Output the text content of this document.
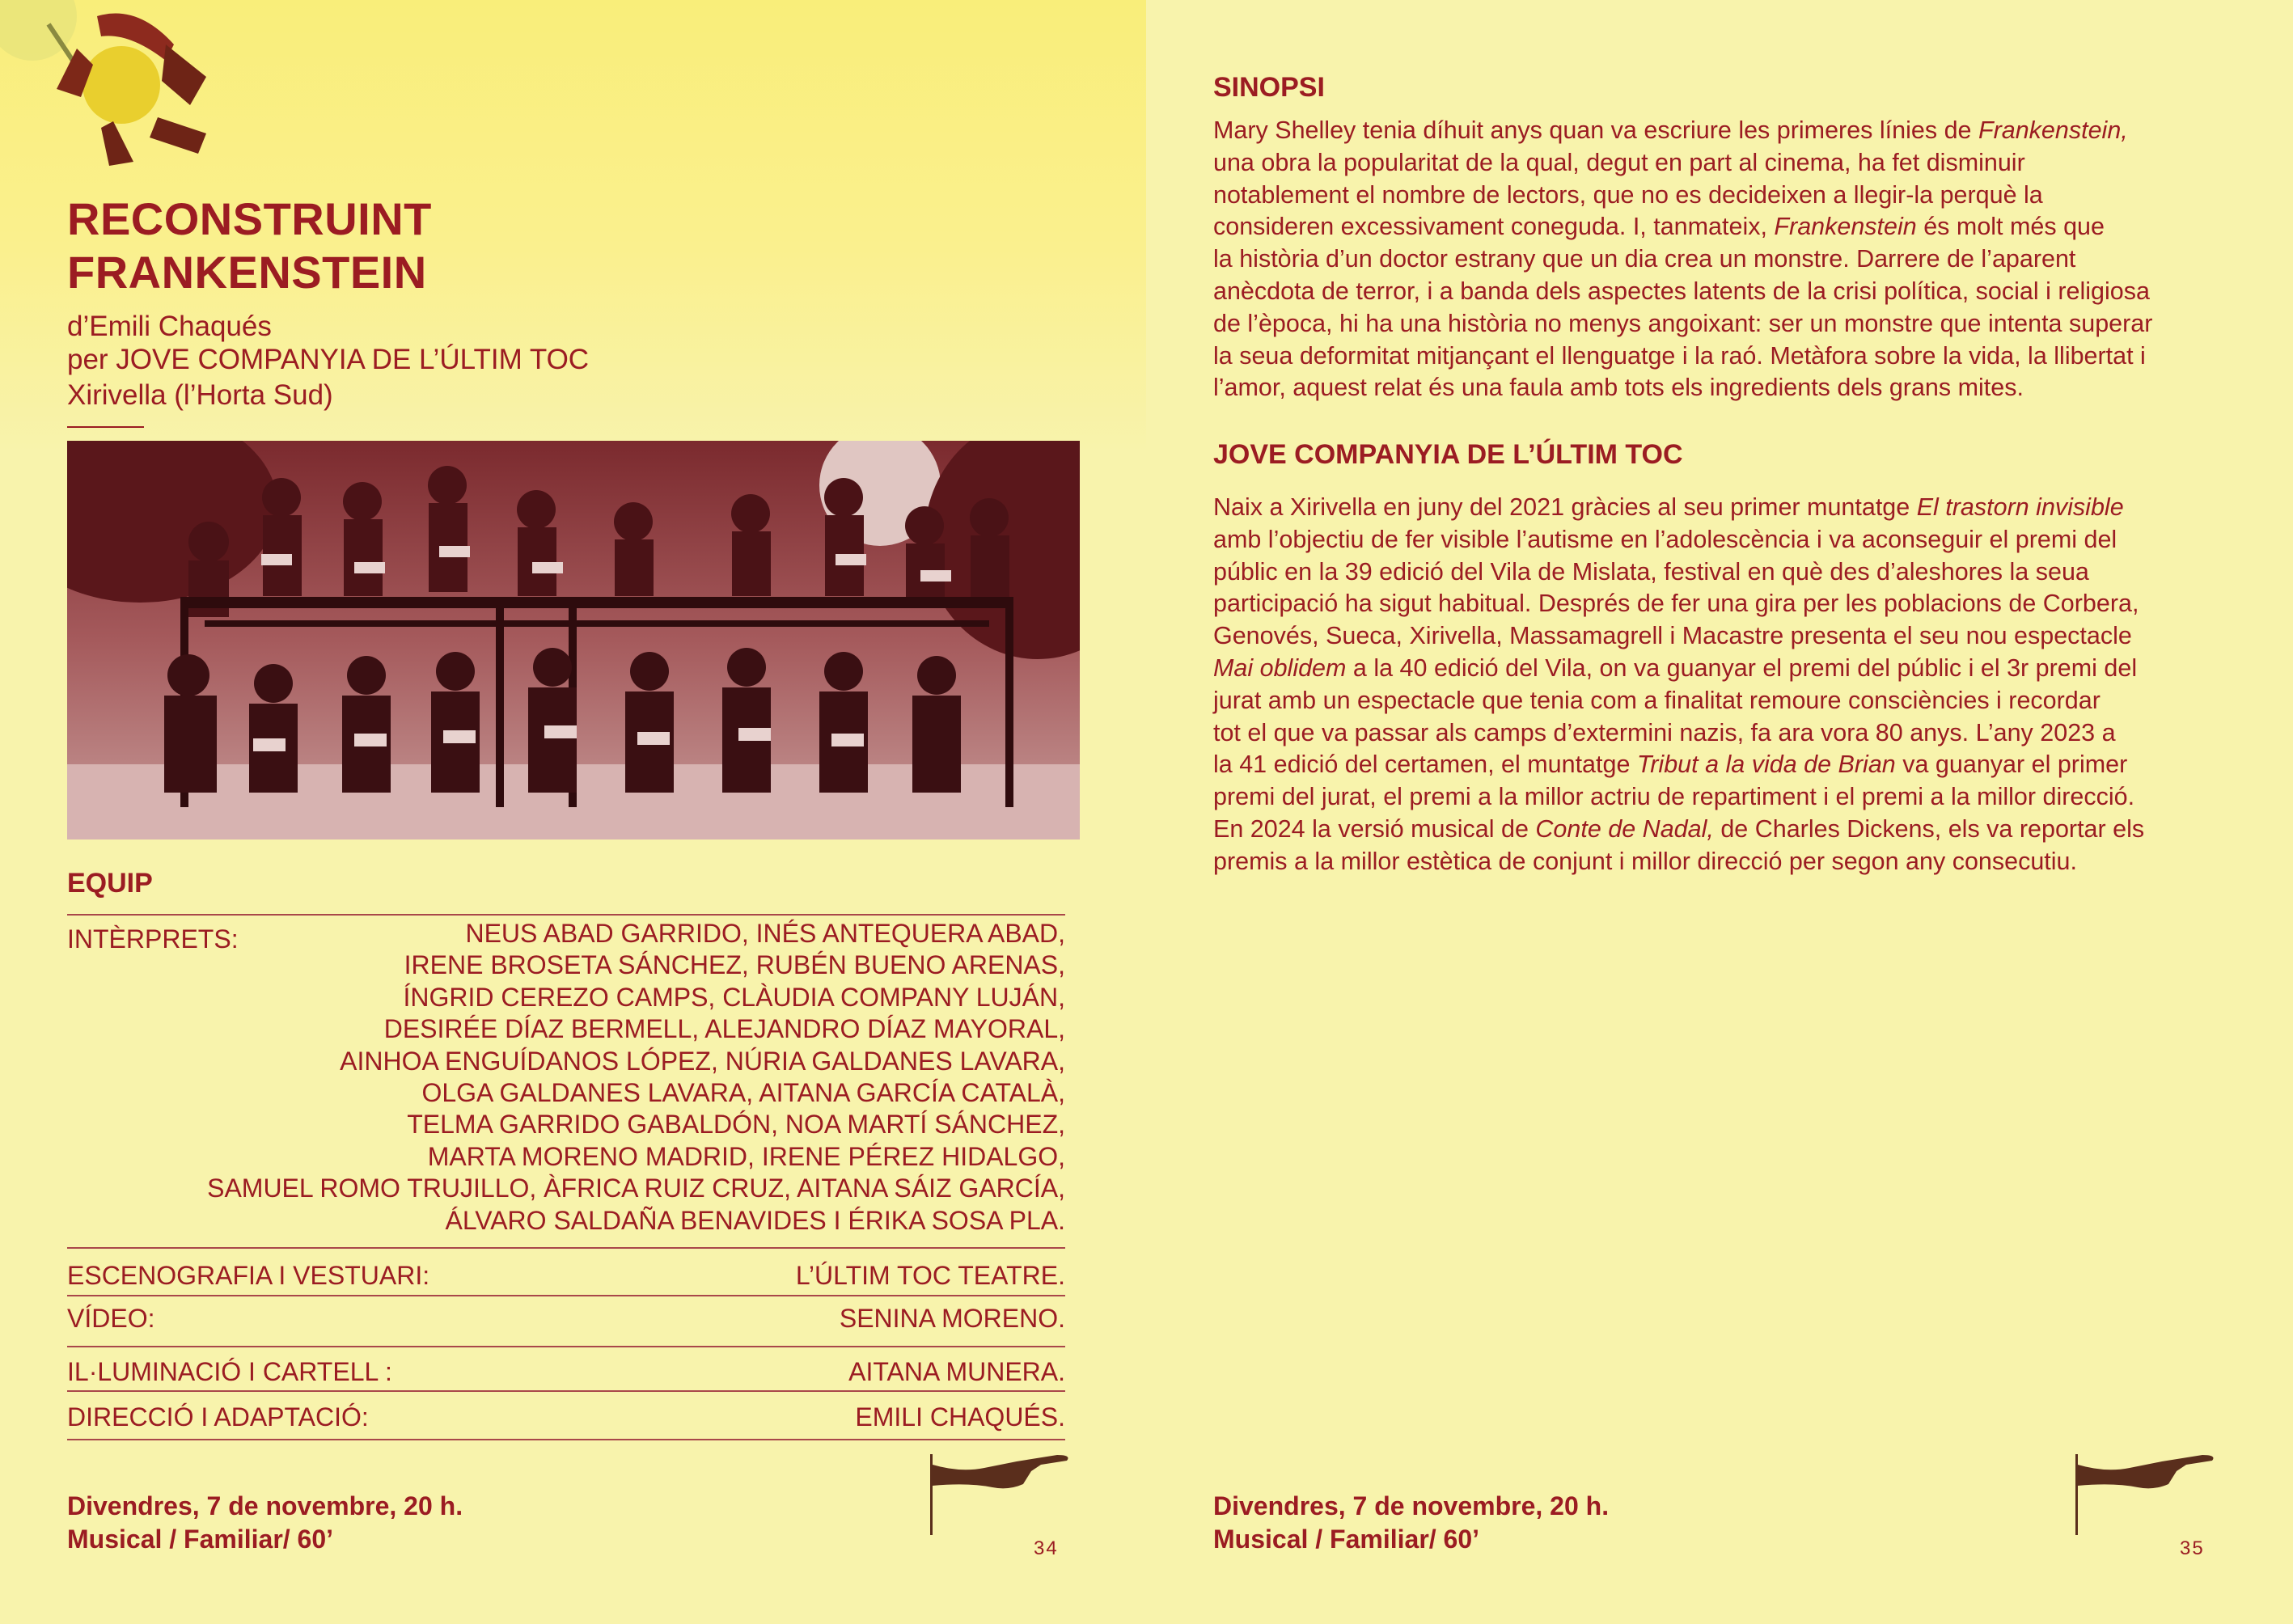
RECONSTRUINT
FRANKENSTEIN
d’Emili Chaqués
per JOVE COMPANYIA DE L’ÚLTIM TOC
Xirivella (l’Horta Sud)
EQUIP
INTÈRPRETS:	NEUS ABAD GARRIDO, INÉS ANTEQUERA ABAD,
IRENE BROSETA SÁNCHEZ, RUBÉN BUENO ARENAS,
ÍNGRID CEREZO CAMPS, CLÀUDIA COMPANY LUJÁN,
DESIRÉE DÍAZ BERMELL, ALEJANDRO DÍAZ MAYORAL,
AINHOA ENGUÍDANOS LÓPEZ, NÚRIA GALDANES LAVARA,
OLGA GALDANES LAVARA, AITANA GARCÍA CATALÀ,
TELMA GARRIDO GABALDÓN, NOA MARTÍ SÁNCHEZ,
MARTA MORENO MADRID, IRENE PÉREZ HIDALGO,
SAMUEL ROMO TRUJILLO, ÀFRICA RUIZ CRUZ, AITANA SÁIZ GARCÍA,
ÁLVARO SALDAÑA BENAVIDES I ÉRIKA SOSA PLA.
ESCENOGRAFIA I VESTUARI:	L’ÚLTIM TOC TEATRE.
VÍDEO:	SENINA MORENO.
IL·LUMINACIÓ I CARTELL :	AITANA MUNERA.
DIRECCIÓ I ADAPTACIÓ:	EMILI CHAQUÉS.
Divendres, 7 de novembre, 20 h.
Musical / Familiar/ 60’	34
SINOPSI
Mary Shelley tenia díhuit anys quan va escriure les primeres línies de Frankenstein,
una obra la popularitat de la qual, degut en part al cinema, ha fet disminuir
notablement el nombre de lectors, que no es decideixen a llegir-la perquè la
consideren excessivament coneguda. I, tanmateix, Frankenstein és molt més que
la història d’un doctor estrany que un dia crea un monstre. Darrere de l’aparent
anècdota de terror, i a banda dels aspectes latents de la crisi política, social i religiosa
de l’època, hi ha una història no menys angoixant: ser un monstre que intenta superar
la seua deformitat mitjançant el llenguatge i la raó. Metàfora sobre la vida, la llibertat i
l’amor, aquest relat és una faula amb tots els ingredients dels grans mites.
JOVE COMPANYIA DE L’ÚLTIM TOC
Naix a Xirivella en juny del 2021 gràcies al seu primer muntatge El trastorn invisible
amb l’objectiu de fer visible l’autisme en l’adolescència i va aconseguir el premi del
públic en la 39 edició del Vila de Mislata, festival en què des d’aleshores la seua
participació ha sigut habitual. Després de fer una gira per les poblacions de Corbera,
Genovés, Sueca, Xirivella, Massamagrell i Macastre presenta el seu nou espectacle
Mai oblidem a la 40 edició del Vila, on va guanyar el premi del públic i el 3r premi del
jurat amb un espectacle que tenia com a finalitat remoure consciències i recordar
tot el que va passar als camps d’extermini nazis, fa ara vora 80 anys. L’any 2023 a
la 41 edició del certamen, el muntatge Tribut a la vida de Brian va guanyar el primer
premi del jurat, el premi a la millor actriu de repartiment i el premi a la millor direcció.
En 2024 la versió musical de Conte de Nadal, de Charles Dickens, els va reportar els
premis a la millor estètica de conjunt i millor direcció per segon any consecutiu.
Divendres, 7 de novembre, 20 h.
Musical / Familiar/ 60’	35
